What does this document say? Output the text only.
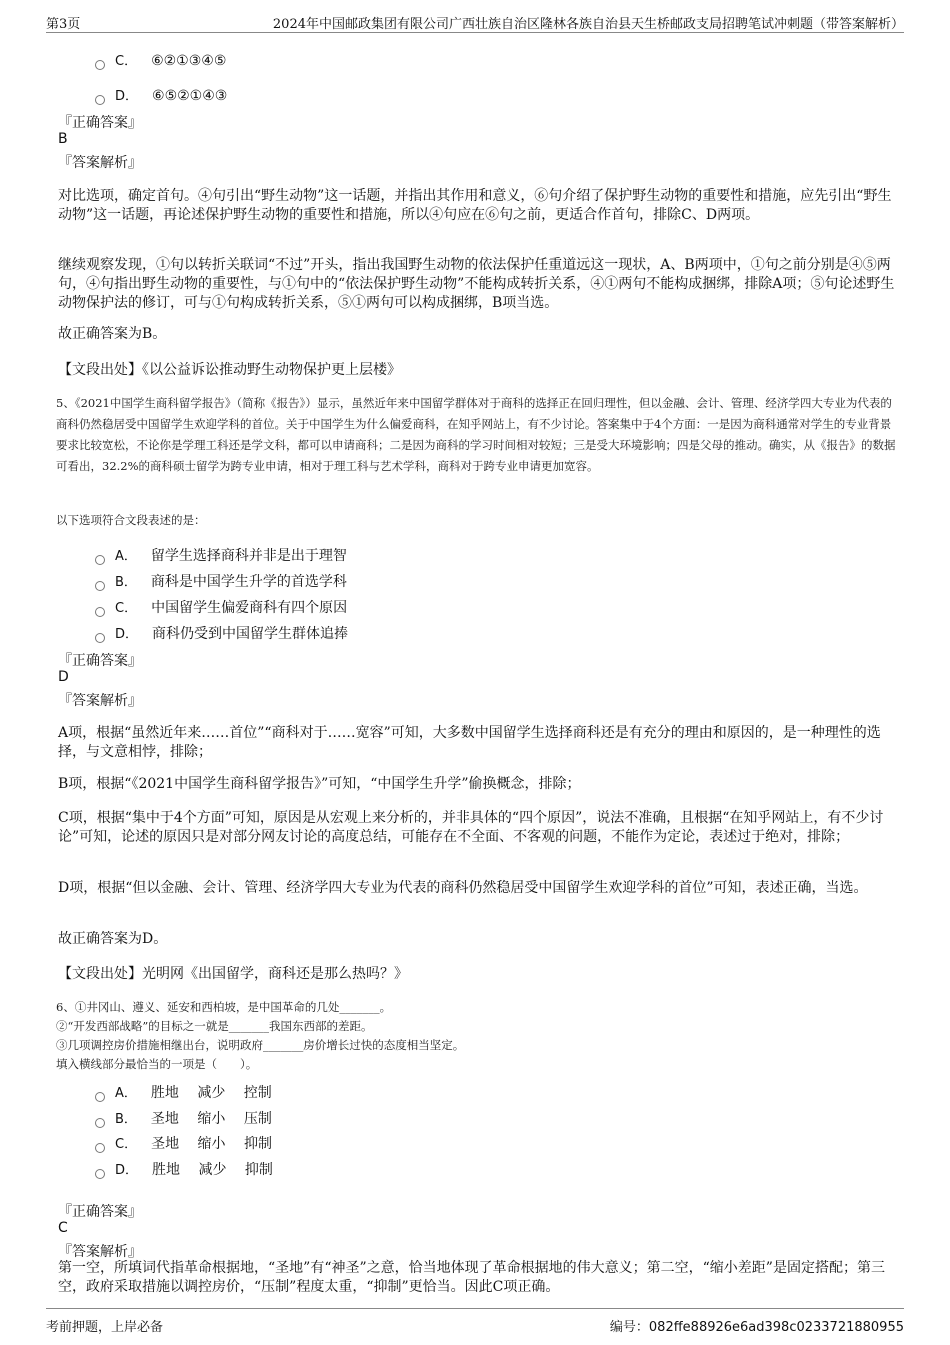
第3页	2024年中国邮政集团有限公司广西壮族自治区隆林各族自治县天生桥邮政支局招聘笔试冲刺题（带答案解析）
C． ⑥②①③④⑤
D． ⑥⑤②①④③
『正确答案』
B
『答案解析』
对比选项，确定首句。④句引出“野生动物”这一话题，并指出其作用和意义，⑥句介绍了保护野生动物的重要性和措施，应先引出“野生动物”这一话题，再论述保护野生动物的重要性和措施，所以④句应在⑥句之前，更适合作首句，排除C、D两项。
继续观察发现，①句以转折关联词“不过”开头，指出我国野生动物的依法保护任重道远这一现状，A、B两项中，①句之前分别是④⑤两句，④句指出野生动物的重要性，与①句中的“依法保护野生动物”不能构成转折关系，④①两句不能构成捆绑，排除A项；⑤句论述野生动物保护法的修订，可与①句构成转折关系，⑤①两句可以构成捆绑，B项当选。
故正确答案为B。
【文段出处】《以公益诉讼推动野生动物保护更上层楼》
5、《2021中国学生商科留学报告》（简称《报告》）显示，虽然近年来中国留学群体对于商科的选择正在回归理性，但以金融、会计、管理、经济学四大专业为代表的商科仍然稳居受中国留学生欢迎学科的首位。关于中国学生为什么偏爱商科，在知乎网站上，有不少讨论。答案集中于4个方面：一是因为商科通常对学生的专业背景要求比较宽松，不论你是学理工科还是学文科，都可以申请商科；二是因为商科的学习时间相对较短；三是受大环境影响；四是父母的推动。确实，从《报告》的数据可看出，32.2%的商科硕士留学为跨专业申请，相对于理工科与艺术学科，商科对于跨专业申请更加宽容。
以下选项符合文段表述的是：
A． 留学生选择商科并非是出于理智
B． 商科是中国学生升学的首选学科
C． 中国留学生偏爱商科有四个原因
D． 商科仍受到中国留学生群体追捧
『正确答案』
D
『答案解析』
A项，根据“虽然近年来……首位”“商科对于……宽容”可知，大多数中国留学生选择商科还是有充分的理由和原因的，是一种理性的选择，与文意相悖，排除；
B项，根据“《2021中国学生商科留学报告》”可知，“中国学生升学”偷换概念，排除；
C项，根据“集中于4个方面”可知，原因是从宏观上来分析的，并非具体的“四个原因”，说法不准确，且根据“在知乎网站上，有不少讨论”可知，论述的原因只是对部分网友讨论的高度总结，可能存在不全面、不客观的问题，不能作为定论，表述过于绝对，排除；
D项，根据“但以金融、会计、管理、经济学四大专业为代表的商科仍然稳居受中国留学生欢迎学科的首位”可知，表述正确，当选。
故正确答案为D。
【文段出处】光明网《出国留学，商科还是那么热吗？》
6、①井冈山、遵义、延安和西柏坡，是中国革命的几处_______。
②“开发西部战略”的目标之一就是_______我国东西部的差距。
③几项调控房价措施相继出台，说明政府_______房价增长过快的态度相当坚定。
填入横线部分最恰当的一项是（　　）。
A． 胜地　 减少　 控制
B． 圣地　 缩小　 压制
C． 圣地　 缩小　 抑制
D． 胜地　 减少　 抑制
『正确答案』
C
『答案解析』
第一空，所填词代指革命根据地，“圣地”有“神圣”之意，恰当地体现了革命根据地的伟大意义；第二空，“缩小差距”是固定搭配；第三空，政府采取措施以调控房价，“压制”程度太重，“抑制”更恰当。因此C项正确。
考前押题，上岸必备	编号：082ffe88926e6ad398c0233721880955
